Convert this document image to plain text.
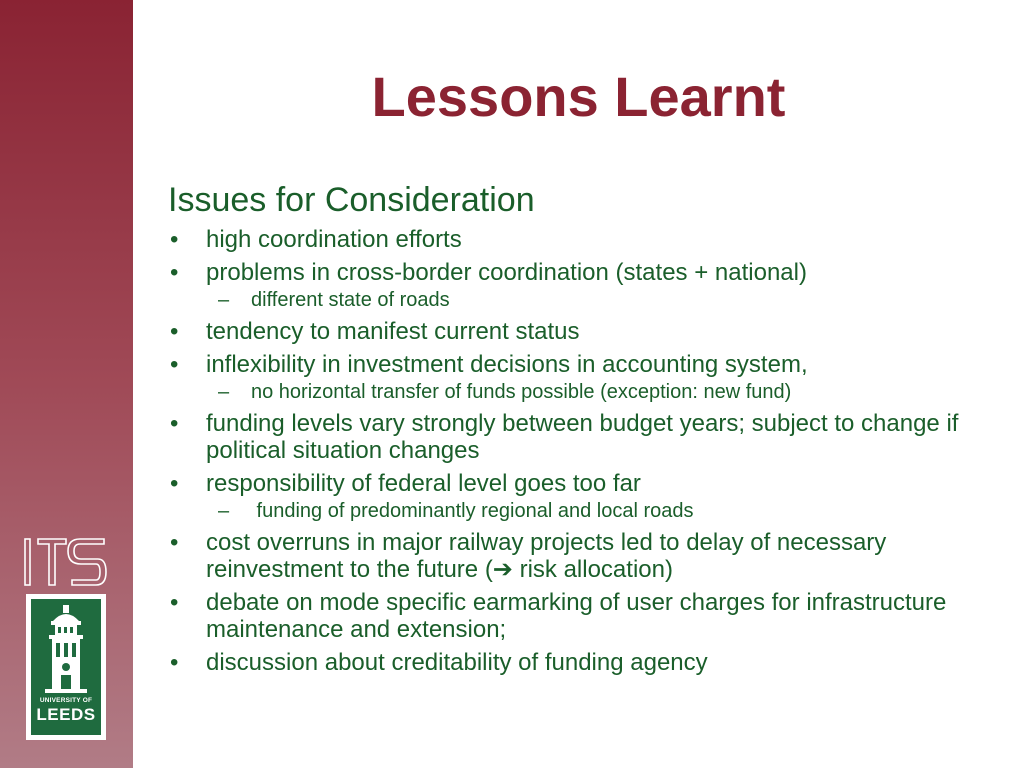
UNIVERSITY OF
LEEDS
Lessons Learnt
Issues for Consideration
• high coordination efforts
• problems in cross-border coordination (states + national)
– different state of roads
• tendency to manifest current status
• inflexibility in investment decisions in accounting system,
– no horizontal transfer of funds possible (exception: new fund)
• funding levels vary strongly between budget years; subject to change if political situation changes
• responsibility of federal level goes too far
– funding of predominantly regional and local roads
• cost overruns in major railway projects led to delay of necessary reinvestment to the future (➔ risk allocation)
• debate on mode specific earmarking of user charges for infrastructure maintenance and extension;
• discussion about creditability of funding agency
